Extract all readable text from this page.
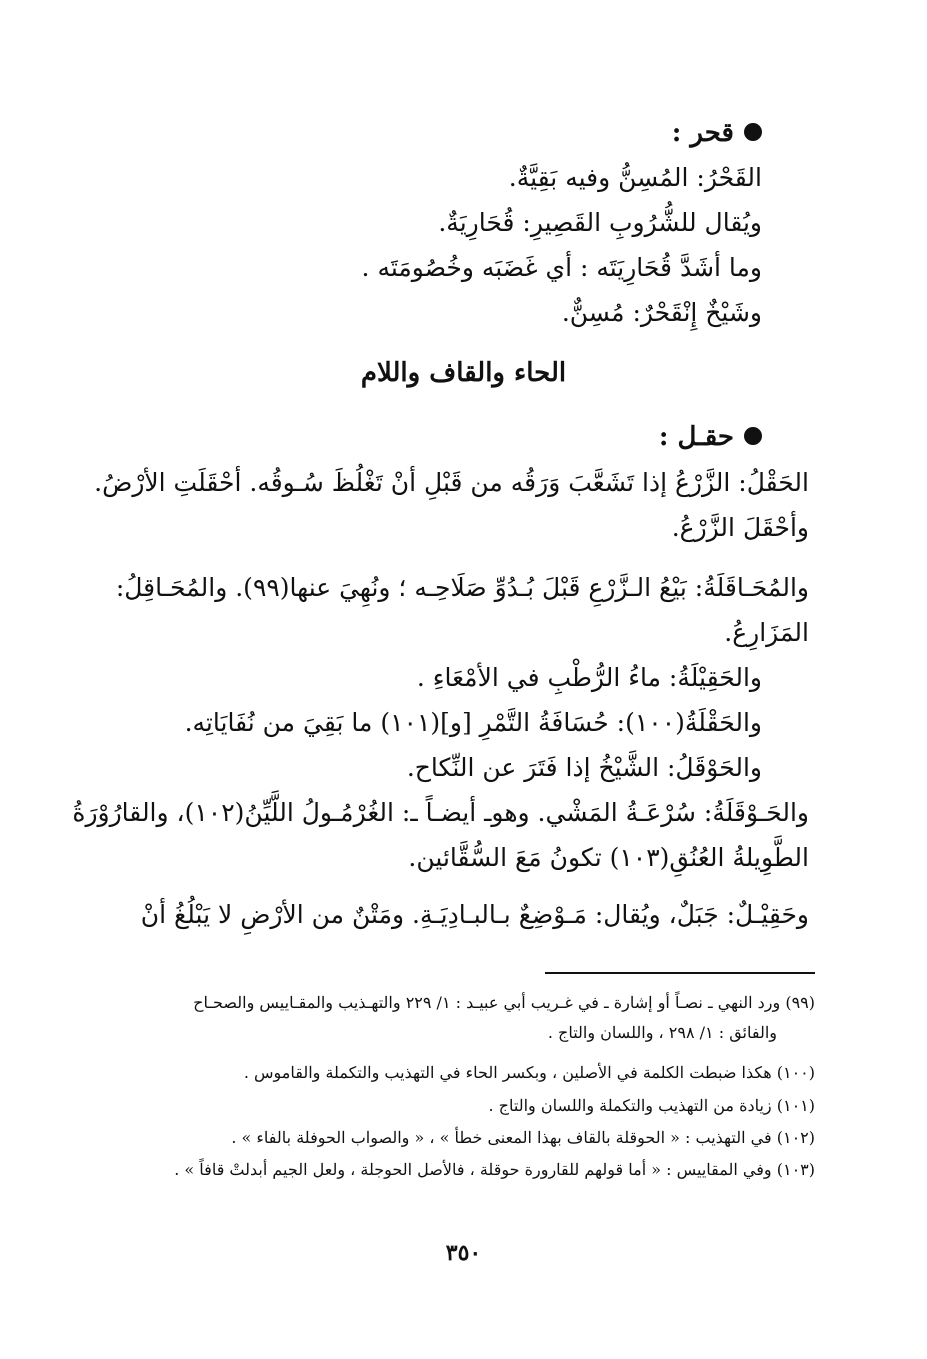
قحر :
القَحْرُ: المُسِنُّ وفيه بَقِيَّةٌ.
ويُقال للشُّرُوبِ القَصِيرِ: قُحَارِيَةٌ.
وما أشَدَّ قُحَارِيَتَه : أي غَضَبَه وخُصُومَتَه .
وشَيْخٌ إِنْقَحْرٌ: مُسِنٌّ.
الحاء والقاف واللام
حقـل :
الحَقْلُ: الزَّرْعُ إذا تَشَعَّبَ وَرَقُه من قَبْلِ أنْ تَغْلُظَ سُـوقُه. أحْقَلَتِ الأرْضُ.
وأحْقَلَ الزَّرْعُ.
والمُحَـاقَلَةُ: بَيْعُ الـزَّرْعِ قَبْلَ بُـدُوِّ صَلَاحِـه ؛ ونُهِيَ عنها(٩٩). والمُحَـاقِلُ:
المَزَارِعُ.
والحَقِيْلَةُ: ماءُ الرُّطْبِ في الأمْعَاءِ .
والحَقْلَةُ(١٠٠): حُسَافَةُ التَّمْرِ [و](١٠١) ما بَقِيَ من نُفَايَاتِه.
والحَوْقَلُ: الشَّيْخُ إذا فَتَرَ عن النِّكاح.
والحَـوْقَلَةُ: سُرْعَـةُ المَشْي. وهوـ أيضـاً ـ: الغُرْمُـولُ اللَّيِّنُ(١٠٢)، والقارُوْرَةُ
الطَّوِيلةُ العُنُقِ(١٠٣) تكونُ مَعَ السُّقَّائين.
وحَقِيْـلٌ: جَبَلٌ، ويُقال: مَـوْضِعٌ بـالبـادِيَـةِ. ومَتْنٌ من الأرْضِ لا يَبْلُغُ أنْ
(٩٩) ورد النهي ـ نصـاً أو إشارة ـ في غـريب أبي عبيـد : ١/ ٢٢٩ والتهـذيب والمقـاييس والصحـاح
والفائق : ١/ ٢٩٨ ، واللسان والتاج .
(١٠٠) هكذا ضبطت الكلمة في الأصلين ، وبكسر الحاء في التهذيب والتكملة والقاموس .
(١٠١) زيادة من التهذيب والتكملة واللسان والتاج .
(١٠٢) في التهذيب : « الحوقلة بالقاف بهذا المعنى خطأ » ، « والصواب الحوفلة بالفاء » .
(١٠٣) وفي المقاييس : « أما قولهم للقارورة حوقلة ، فالأصل الحوجلة ، ولعل الجيم أبدلتْ قافاً » .
٣٥٠
